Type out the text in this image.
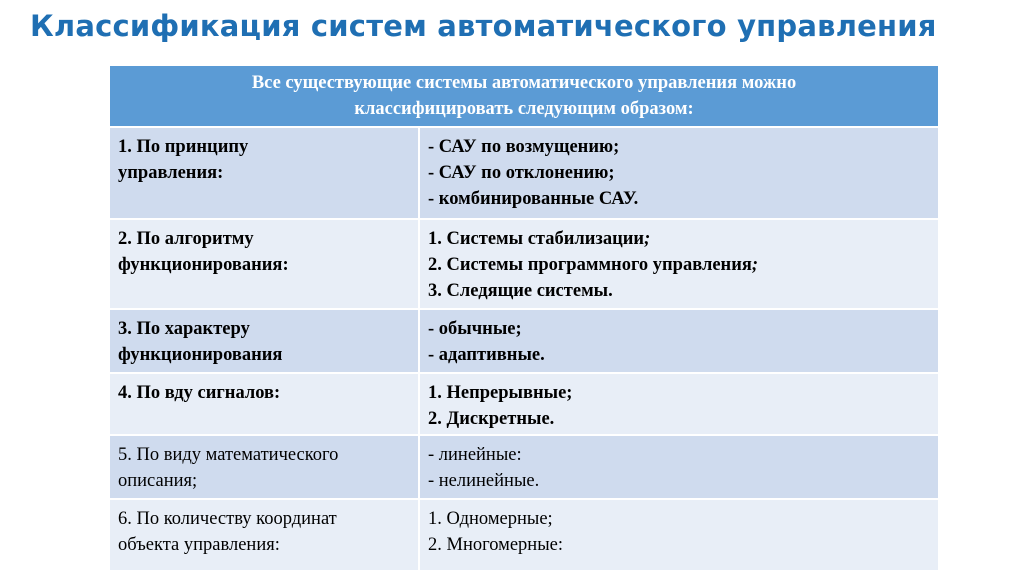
Классификация систем автоматического управления
Все существующие системы автоматического управления можно
классифицировать следующим образом:	

1. По принципу
управления:	- САУ по возмущению;
- САУ по отклонению;
- комбинированные САУ.

2. По алгоритму
функционирования:	1. Системы стабилизации;
2. Системы программного управления;
3. Следящие системы.

3. По характеру
функционирования	- обычные;
- адаптивные.

4. По вду сигналов:	1. Непрерывные;
2. Дискретные.

5. По виду математического
описания;	- линейные:
- нелинейные.

6. По количеству координат
объекта управления:	1. Одномерные;
2. Многомерные:
